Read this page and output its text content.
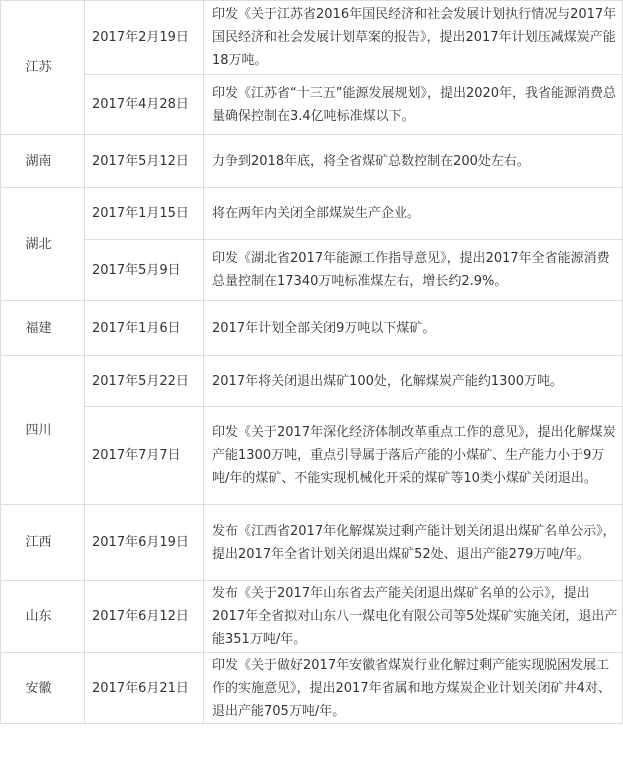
江苏	2017年2月19日	印发《关于江苏省2016年国民经济和社会发展计划执行情况与2017年国民经济和社会发展计划草案的报告》，提出2017年计划压减煤炭产能18万吨。
	2017年4月28日	印发《江苏省“十三五”能源发展规划》，提出2020年，我省能源消费总量确保控制在3.4亿吨标准煤以下。
湖南	2017年5月12日	力争到2018年底，将全省煤矿总数控制在200处左右。
湖北	2017年1月15日	将在两年内关闭全部煤炭生产企业。
	2017年5月9日	印发《湖北省2017年能源工作指导意见》，提出2017年全省能源消费总量控制在17340万吨标准煤左右，增长约2.9%。
福建	2017年1月6日	2017年计划全部关闭9万吨以下煤矿。
四川	2017年5月22日	2017年将关闭退出煤矿100处，化解煤炭产能约1300万吨。
	2017年7月7日	印发《关于2017年深化经济体制改革重点工作的意见》，提出化解煤炭产能1300万吨，重点引导属于落后产能的小煤矿、生产能力小于9万吨/年的煤矿、不能实现机械化开采的煤矿等10类小煤矿关闭退出。
江西	2017年6月19日	发布《江西省2017年化解煤炭过剩产能计划关闭退出煤矿名单公示》，提出2017年全省计划关闭退出煤矿52处、退出产能279万吨/年。
山东	2017年6月12日	发布《关于2017年山东省去产能关闭退出煤矿名单的公示》，提出2017年全省拟对山东八一煤电化有限公司等5处煤矿实施关闭，退出产能351万吨/年。
安徽	2017年6月21日	印发《关于做好2017年安徽省煤炭行业化解过剩产能实现脱困发展工作的实施意见》，提出2017年省属和地方煤炭企业计划关闭矿井4对、退出产能705万吨/年。
